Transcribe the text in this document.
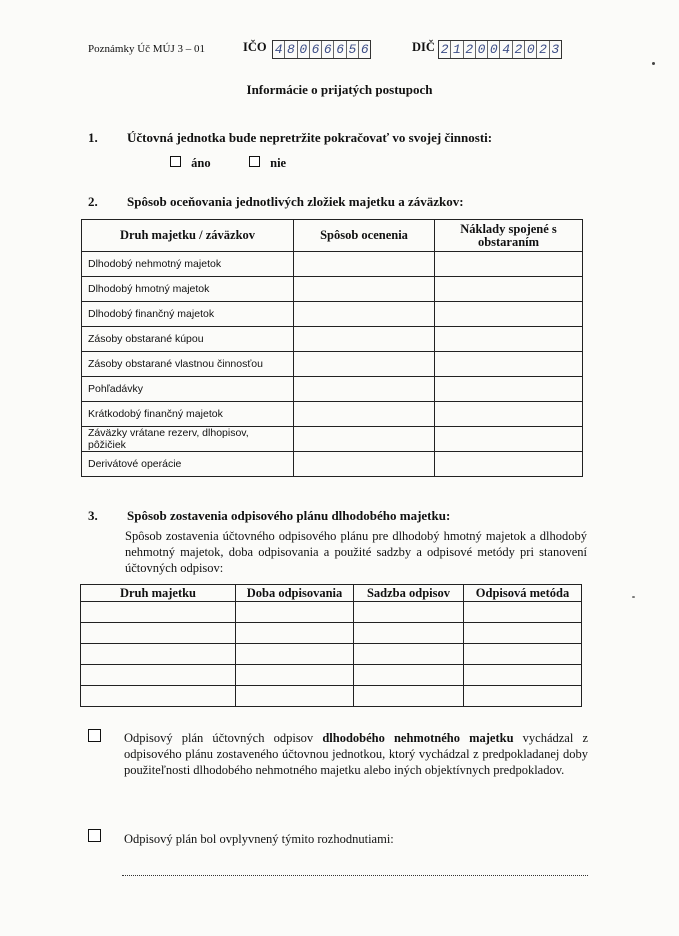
Poznámky Úč MÚJ 3 – 01	IČO 4 8 0 6 6 6 5 6	DIČ 2 1 2 0 0 4 2 0 2 3
Informácie o prijatých postupoch
1. Účtovná jednotka bude nepretržite pokračovať vo svojej činnosti:
áno	nie
2. Spôsob oceňovania jednotlivých zložiek majetku a záväzkov:
Druh majetku / záväzkov	Spôsob ocenenia	Náklady spojené s obstaraním
Dlhodobý nehmotný majetok		
Dlhodobý hmotný majetok		
Dlhodobý finančný majetok		
Zásoby obstarané kúpou		
Zásoby obstarané vlastnou činnosťou		
Pohľadávky		
Krátkodobý finančný majetok		
Záväzky vrátane rezerv, dlhopisov, pôžičiek		
Derivátové operácie		
3. Spôsob zostavenia odpisového plánu dlhodobého majetku:
Spôsob zostavenia účtovného odpisového plánu pre dlhodobý hmotný majetok a dlhodobý nehmotný majetok, doba odpisovania a použité sadzby a odpisové metódy pri stanovení účtovných odpisov:
Druh majetku	Doba odpisovania	Sadzba odpisov	Odpisová metóda

Odpisový plán účtovných odpisov dlhodobého nehmotného majetku vychádzal z odpisového plánu zostaveného účtovnou jednotkou, ktorý vychádzal z predpokladanej doby použiteľnosti dlhodobého nehmotného majetku alebo iných objektívnych predpokladov.
Odpisový plán bol ovplyvnený týmito rozhodnutiami:
